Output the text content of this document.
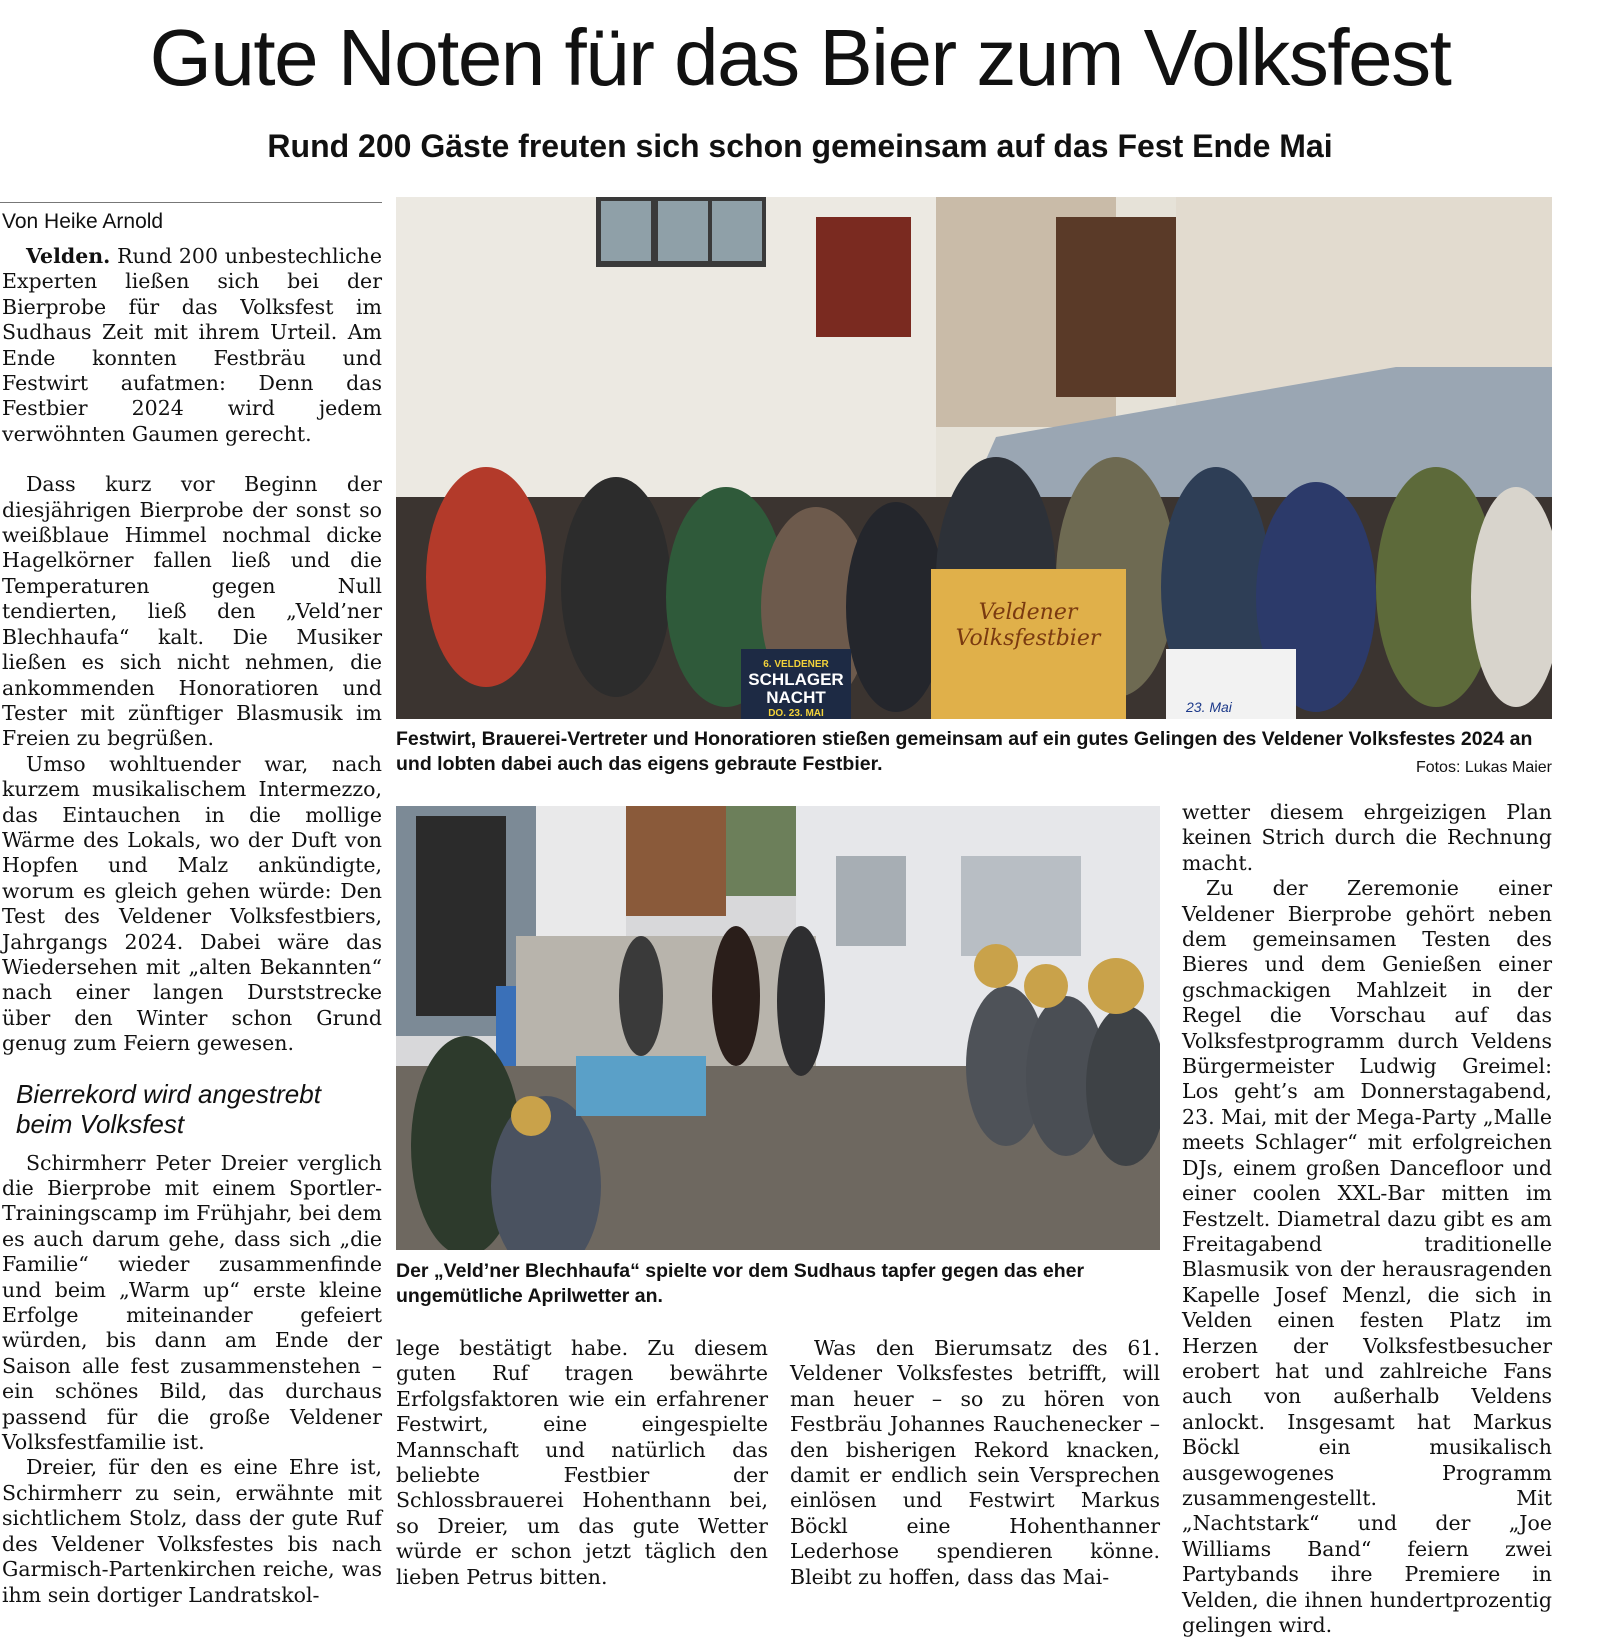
Gute Noten für das Bier zum Volksfest
Rund 200 Gäste freuten sich schon gemeinsam auf das Fest Ende Mai
Von Heike Arnold

Velden. Rund 200 unbestechliche Experten ließen sich bei der Bierprobe für das Volksfest im Sudhaus Zeit mit ihrem Urteil. Am Ende konnten Festbräu und Festwirt aufatmen: Denn das Festbier 2024 wird jedem verwöhnten Gaumen gerecht.

Dass kurz vor Beginn der diesjährigen Bierprobe der sonst so weißblaue Himmel nochmal dicke Hagelkörner fallen ließ und die Temperaturen gegen Null tendierten, ließ den „Veld’ner Blechhaufa“ kalt. Die Musiker ließen es sich nicht nehmen, die ankommenden Honoratioren und Tester mit zünftiger Blasmusik im Freien zu begrüßen.

Umso wohltuender war, nach kurzem musikalischem Intermezzo, das Eintauchen in die mollige Wärme des Lokals, wo der Duft von Hopfen und Malz ankündigte, worum es gleich gehen würde: Den Test des Veldener Volksfestbiers, Jahrgangs 2024. Dabei wäre das Wiedersehen mit „alten Bekannten“ nach einer langen Durststrecke über den Winter schon Grund genug zum Feiern gewesen.

Bierrekord wird angestrebt beim Volksfest

Schirmherr Peter Dreier verglich die Bierprobe mit einem Sportler-Trainingscamp im Frühjahr, bei dem es auch darum gehe, dass sich „die Familie“ wieder zusammenfinde und beim „Warm up“ erste kleine Erfolge miteinander gefeiert würden, bis dann am Ende der Saison alle fest zusammenstehen – ein schönes Bild, das durchaus passend für die große Veldener Volksfestfamilie ist.

Dreier, für den es eine Ehre ist, Schirmherr zu sein, erwähnte mit sichtlichem Stolz, dass der gute Ruf des Veldener Volksfestes bis nach Garmisch-Partenkirchen reiche, was ihm sein dortiger Landratskol-

Veldener
Volksfestbier
6. VELDENER
SCHLAGER
NACHT
DO. 23. MAI	23. Mai
Festwirt, Brauerei-Vertreter und Honoratioren stießen gemeinsam auf ein gutes Gelingen des Veldener Volksfestes 2024 an und lobten dabei auch das eigens gebraute Festbier.	Fotos: Lukas Maier
Der „Veld’ner Blechhaufa“ spielte vor dem Sudhaus tapfer gegen das eher ungemütliche Aprilwetter an.

lege bestätigt habe. Zu diesem guten Ruf tragen bewährte Erfolgsfaktoren wie ein erfahrener Festwirt, eine eingespielte Mannschaft und natürlich das beliebte Festbier der Schlossbrauerei Hohenthann bei, so Dreier, um das gute Wetter würde er schon jetzt täglich den lieben Petrus bitten.

Was den Bierumsatz des 61. Veldener Volksfestes betrifft, will man heuer – so zu hören von Festbräu Johannes Rauchenecker – den bisherigen Rekord knacken, damit er endlich sein Versprechen einlösen und Festwirt Markus Böckl eine Hohenthanner Lederhose spendieren könne. Bleibt zu hoffen, dass das Mai-

wetter diesem ehrgeizigen Plan keinen Strich durch die Rechnung macht.

Zu der Zeremonie einer Veldener Bierprobe gehört neben dem gemeinsamen Testen des Bieres und dem Genießen einer gschmackigen Mahlzeit in der Regel die Vorschau auf das Volksfestprogramm durch Veldens Bürgermeister Ludwig Greimel: Los geht’s am Donnerstagabend, 23. Mai, mit der Mega-Party „Malle meets Schlager“ mit erfolgreichen DJs, einem großen Dancefloor und einer coolen XXL-Bar mitten im Festzelt. Diametral dazu gibt es am Freitagabend traditionelle Blasmusik von der herausragenden Kapelle Josef Menzl, die sich in Velden einen festen Platz im Herzen der Volksfestbesucher erobert hat und zahlreiche Fans auch von außerhalb Veldens anlockt. Insgesamt hat Markus Böckl ein musikalisch ausgewogenes Programm zusammengestellt. Mit „Nachtstark“ und der „Joe Williams Band“ feiern zwei Partybands ihre Premiere in Velden, die ihnen hundertprozentig gelingen wird.
